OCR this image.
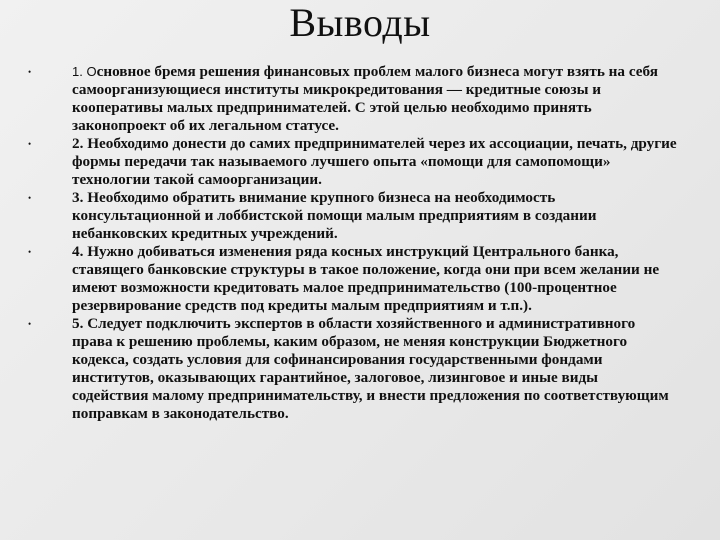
Выводы
•	1. Основное бремя решения финансовых проблем малого бизнеса могут взять на себя самоорганизующиеся институты микрокредитования — кредитные союзы и кооперативы малых предпринимателей. С этой целью необходимо принять законопроект об их легальном статусе.
•	2. Необходимо донести до самих предпринимателей через их ассоциации, печать, другие формы передачи так называемого лучшего опыта «помощи для самопомощи» технологии такой самоорганизации.
•	3. Необходимо обратить внимание крупного бизнеса на необходимость консультационной и лоббистской помощи малым предприятиям в создании небанковских кредитных учреждений.
•	4. Нужно добиваться изменения ряда косных инструкций Центрального банка, ставящего банковские структуры в такое положение, когда они при всем желании не имеют возможности кредитовать малое предпринимательство (100-процентное резервирование средств под кредиты малым предприятиям и т.п.).
•	5. Следует подключить экспертов в области хозяйственного и административного права к решению проблемы, каким образом, не меняя конструкции Бюджетного кодекса, создать условия для софинансирования государственными фондами институтов, оказывающих гарантийное, залоговое, лизинговое и иные виды содействия малому предпринимательству, и внести предложения по соответствующим поправкам в законодательство.
